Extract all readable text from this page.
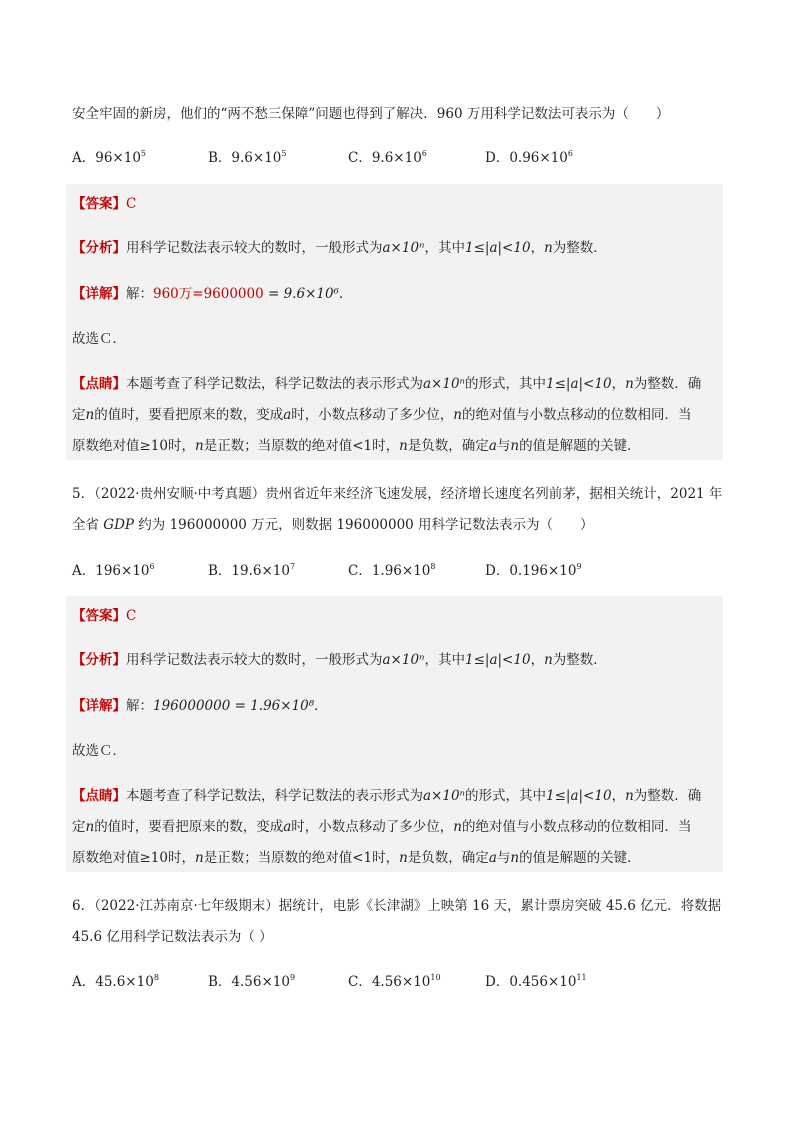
安全牢固的新房，他们的“两不愁三保障”问题也得到了解决．960 万用科学记数法可表示为（　　）
A．$96\times 10^5$	B．$9.6\times 10^5$	C．$9.6\times 10^6$	D．$0.96\times 10^6$
【答案】C
【分析】用科学记数法表示较大的数时，一般形式为a×10ⁿ，其中1≤|a|<10，n为整数．
【详解】解：960万=9600000 = 9.6×10⁶．
故选Ｃ．
【点睛】本题考查了科学记数法，科学记数法的表示形式为a×10ⁿ的形式，其中1≤|a|<10，n为整数．确
定n的值时，要看把原来的数，变成a时，小数点移动了多少位，n的绝对值与小数点移动的位数相同．当
原数绝对值≥10时，n是正数；当原数的绝对值<1时，n是负数，确定a与n的值是解题的关键．
5．（2022·贵州安顺·中考真题）贵州省近年来经济飞速发展，经济增长速度名列前茅，据相关统计，2021 年
全省 GDP 约为 196000000 万元，则数据 196000000 用科学记数法表示为（　　）
A．$196\times 10^6$	B．$19.6\times 10^7$	C．$1.96\times 10^8$	D．$0.196\times 10^9$
【答案】C
【分析】用科学记数法表示较大的数时，一般形式为a×10ⁿ，其中1≤|a|<10，n为整数．
【详解】解：196000000 = 1.96×10⁸．
故选Ｃ．
【点睛】本题考查了科学记数法，科学记数法的表示形式为a×10ⁿ的形式，其中1≤|a|<10，n为整数．确
定n的值时，要看把原来的数，变成a时，小数点移动了多少位，n的绝对值与小数点移动的位数相同．当
原数绝对值≥10时，n是正数；当原数的绝对值<1时，n是负数，确定a与n的值是解题的关键．
6．（2022·江苏南京·七年级期末）据统计，电影《长津湖》上映第 16 天，累计票房突破 45.6 亿元．将数据
45.6 亿用科学记数法表示为（ ）
A．$45.6\times 10^8$	B．$4.56\times 10^9$	C．$4.56\times 10^{10}$	D．$0.456\times 10^{11}$
